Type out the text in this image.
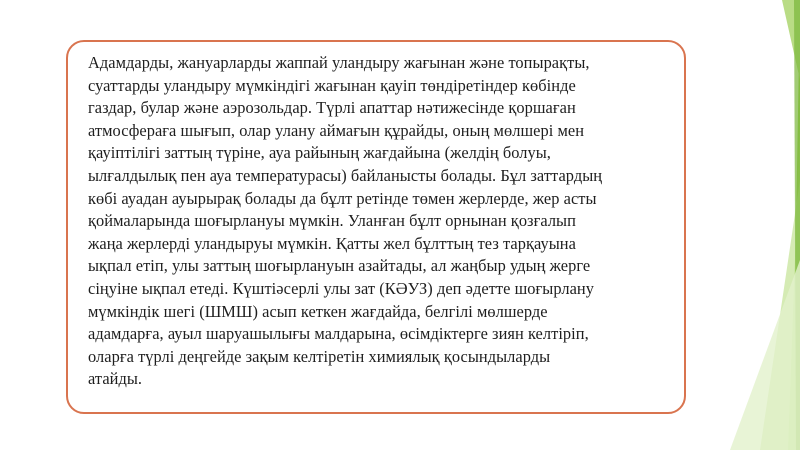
Адамдарды, жануарларды жаппай уландыру жағынан және топырақты,
суаттарды уландыру мүмкіндігі жағынан қауіп төндіретіндер көбінде
газдар, булар және аэрозольдар. Түрлі апаттар нәтижесінде қоршаған
атмосфераға шығып, олар улану аймағын құрайды, оның мөлшері мен
қауіптілігі заттың түріне, ауа райының жағдайына (желдің болуы,
ылғалдылық пен ауа температурасы) байланысты болады. Бұл заттардың
көбі ауадан ауырырақ болады да бұлт ретінде төмен жерлерде, жер асты
қоймаларында шоғырлануы мүмкін. Уланған бұлт орнынан қозғалып
жаңа жерлерді уландыруы мүмкін. Қатты жел бұлттың тез тарқауына
ықпал етіп, улы заттың шоғырлануын азайтады, ал жаңбыр удың жерге
сіңуіне ықпал етеді. Күштіәсерлі улы зат (КӘУЗ) деп әдетте шоғырлану
мүмкіндік шегі (ШМШ) асып кеткен жағдайда, белгілі мөлшерде
адамдарға, ауыл шаруашылығы малдарына, өсімдіктерге зиян келтіріп,
оларға түрлі деңгейде зақым келтіретін химиялық қосындыларды
атайды.
